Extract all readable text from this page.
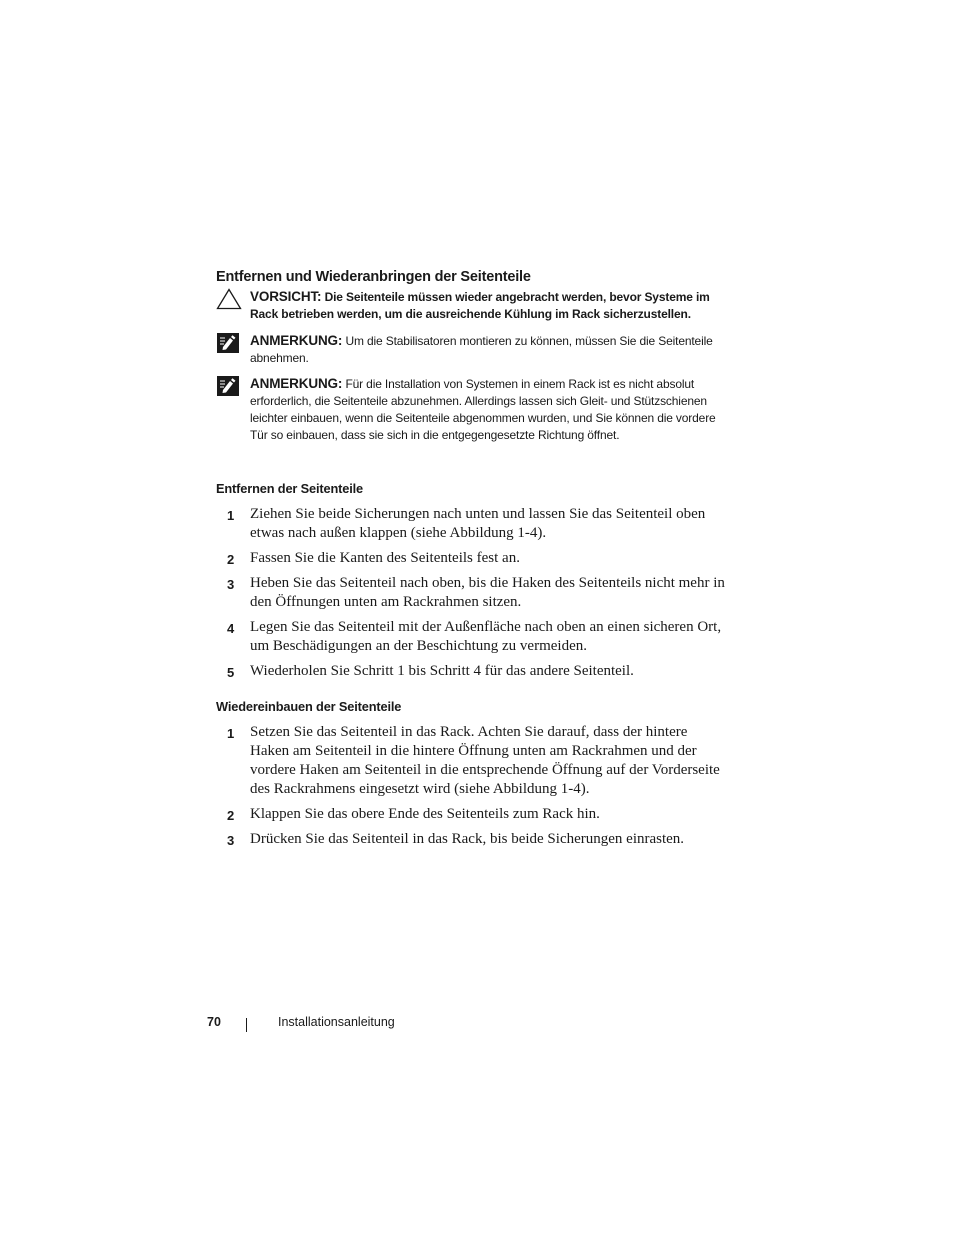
Entfernen und Wiederanbringen der Seitenteile
VORSICHT: Die Seitenteile müssen wieder angebracht werden, bevor Systeme im Rack betrieben werden, um die ausreichende Kühlung im Rack sicherzustellen.
ANMERKUNG: Um die Stabilisatoren montieren zu können, müssen Sie die Seitenteile abnehmen.
ANMERKUNG: Für die Installation von Systemen in einem Rack ist es nicht absolut erforderlich, die Seitenteile abzunehmen. Allerdings lassen sich Gleit- und Stützschienen leichter einbauen, wenn die Seitenteile abgenommen wurden, und Sie können die vordere Tür so einbauen, dass sie sich in die entgegengesetzte Richtung öffnet.
Entfernen der Seitenteile
1 Ziehen Sie beide Sicherungen nach unten und lassen Sie das Seitenteil oben etwas nach außen klappen (siehe Abbildung 1-4).
2 Fassen Sie die Kanten des Seitenteils fest an.
3 Heben Sie das Seitenteil nach oben, bis die Haken des Seitenteils nicht mehr in den Öffnungen unten am Rackrahmen sitzen.
4 Legen Sie das Seitenteil mit der Außenfläche nach oben an einen sicheren Ort, um Beschädigungen an der Beschichtung zu vermeiden.
5 Wiederholen Sie Schritt 1 bis Schritt 4 für das andere Seitenteil.
Wiedereinbauen der Seitenteile
1 Setzen Sie das Seitenteil in das Rack. Achten Sie darauf, dass der hintere Haken am Seitenteil in die hintere Öffnung unten am Rackrahmen und der vordere Haken am Seitenteil in die entsprechende Öffnung auf der Vorderseite des Rackrahmens eingesetzt wird (siehe Abbildung 1-4).
2 Klappen Sie das obere Ende des Seitenteils zum Rack hin.
3 Drücken Sie das Seitenteil in das Rack, bis beide Sicherungen einrasten.
70	Installationsanleitung
